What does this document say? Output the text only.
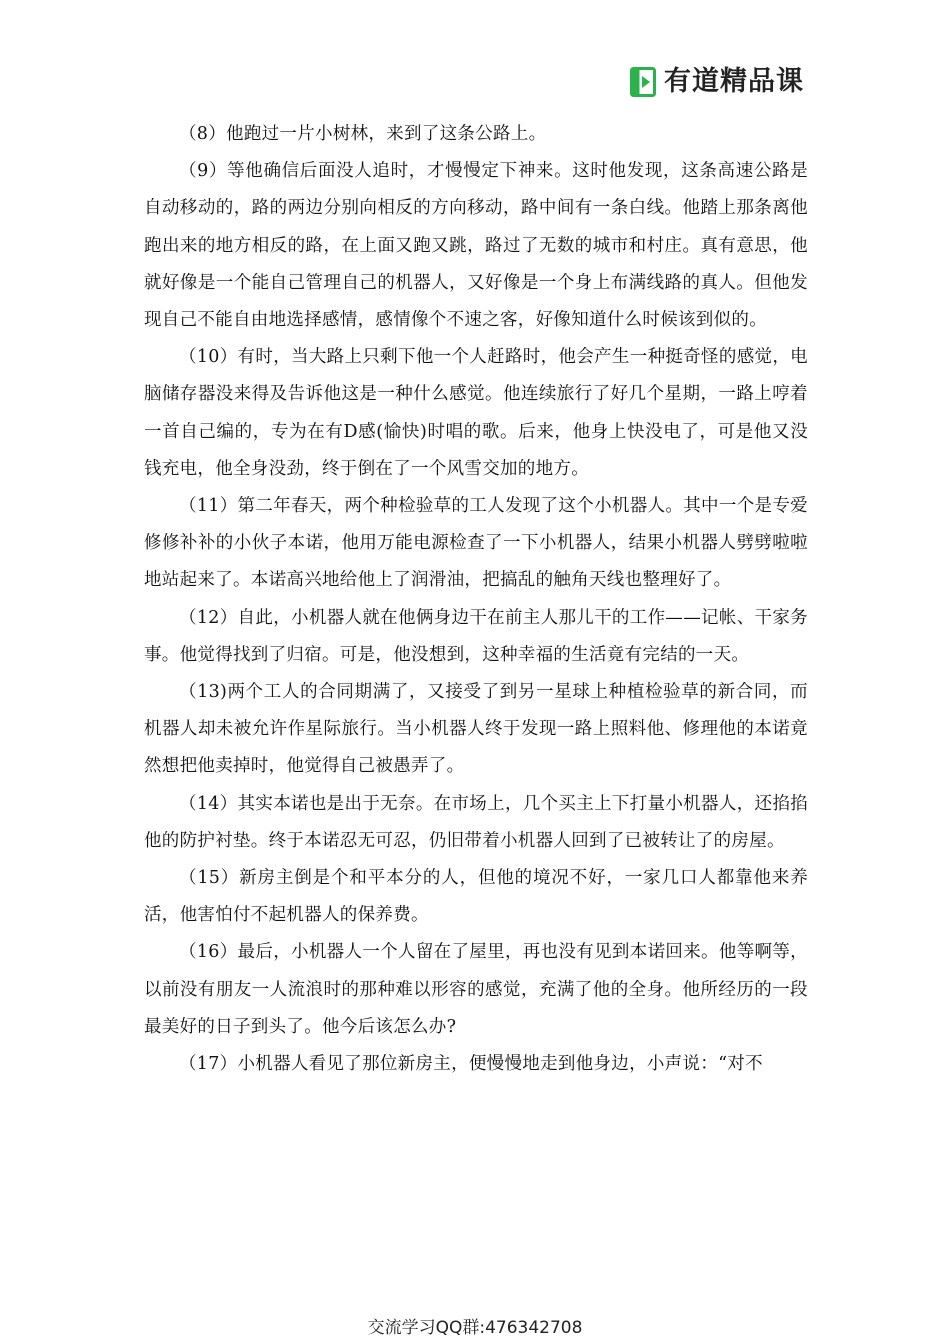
有道精品课

（8）他跑过一片小树林，来到了这条公路上。

（9）等他确信后面没人追时，才慢慢定下神来。这时他发现，这条高速公路是自动移动的，路的两边分别向相反的方向移动，路中间有一条白线。他踏上那条离他跑出来的地方相反的路，在上面又跑又跳，路过了无数的城市和村庄。真有意思，他就好像是一个能自己管理自己的机器人，又好像是一个身上布满线路的真人。但他发现自己不能自由地选择感情，感情像个不速之客，好像知道什么时候该到似的。

（10）有时，当大路上只剩下他一个人赶路时，他会产生一种挺奇怪的感觉，电脑储存器没来得及告诉他这是一种什么感觉。他连续旅行了好几个星期，一路上哼着一首自己编的，专为在有D感(愉快)时唱的歌。后来，他身上快没电了，可是他又没钱充电，他全身没劲，终于倒在了一个风雪交加的地方。

（11）第二年春天，两个种检验草的工人发现了这个小机器人。其中一个是专爱修修补补的小伙子本诺，他用万能电源检查了一下小机器人，结果小机器人劈劈啦啦地站起来了。本诺高兴地给他上了润滑油，把搞乱的触角天线也整理好了。

（12）自此，小机器人就在他俩身边干在前主人那儿干的工作——记帐、干家务事。他觉得找到了归宿。可是，他没想到，这种幸福的生活竟有完结的一天。

（13)两个工人的合同期满了，又接受了到另一星球上种植检验草的新合同，而机器人却未被允许作星际旅行。当小机器人终于发现一路上照料他、修理他的本诺竟然想把他卖掉时，他觉得自己被愚弄了。

（14）其实本诺也是出于无奈。在市场上，几个买主上下打量小机器人，还掐掐他的防护衬垫。终于本诺忍无可忍，仍旧带着小机器人回到了已被转让了的房屋。

（15）新房主倒是个和平本分的人，但他的境况不好，一家几口人都靠他来养活，他害怕付不起机器人的保养费。

（16）最后，小机器人一个人留在了屋里，再也没有见到本诺回来。他等啊等，以前没有朋友一人流浪时的那种难以形容的感觉，充满了他的全身。他所经历的一段最美好的日子到头了。他今后该怎么办?

（17）小机器人看见了那位新房主，便慢慢地走到他身边，小声说：“对不

交流学习QQ群:476342708
